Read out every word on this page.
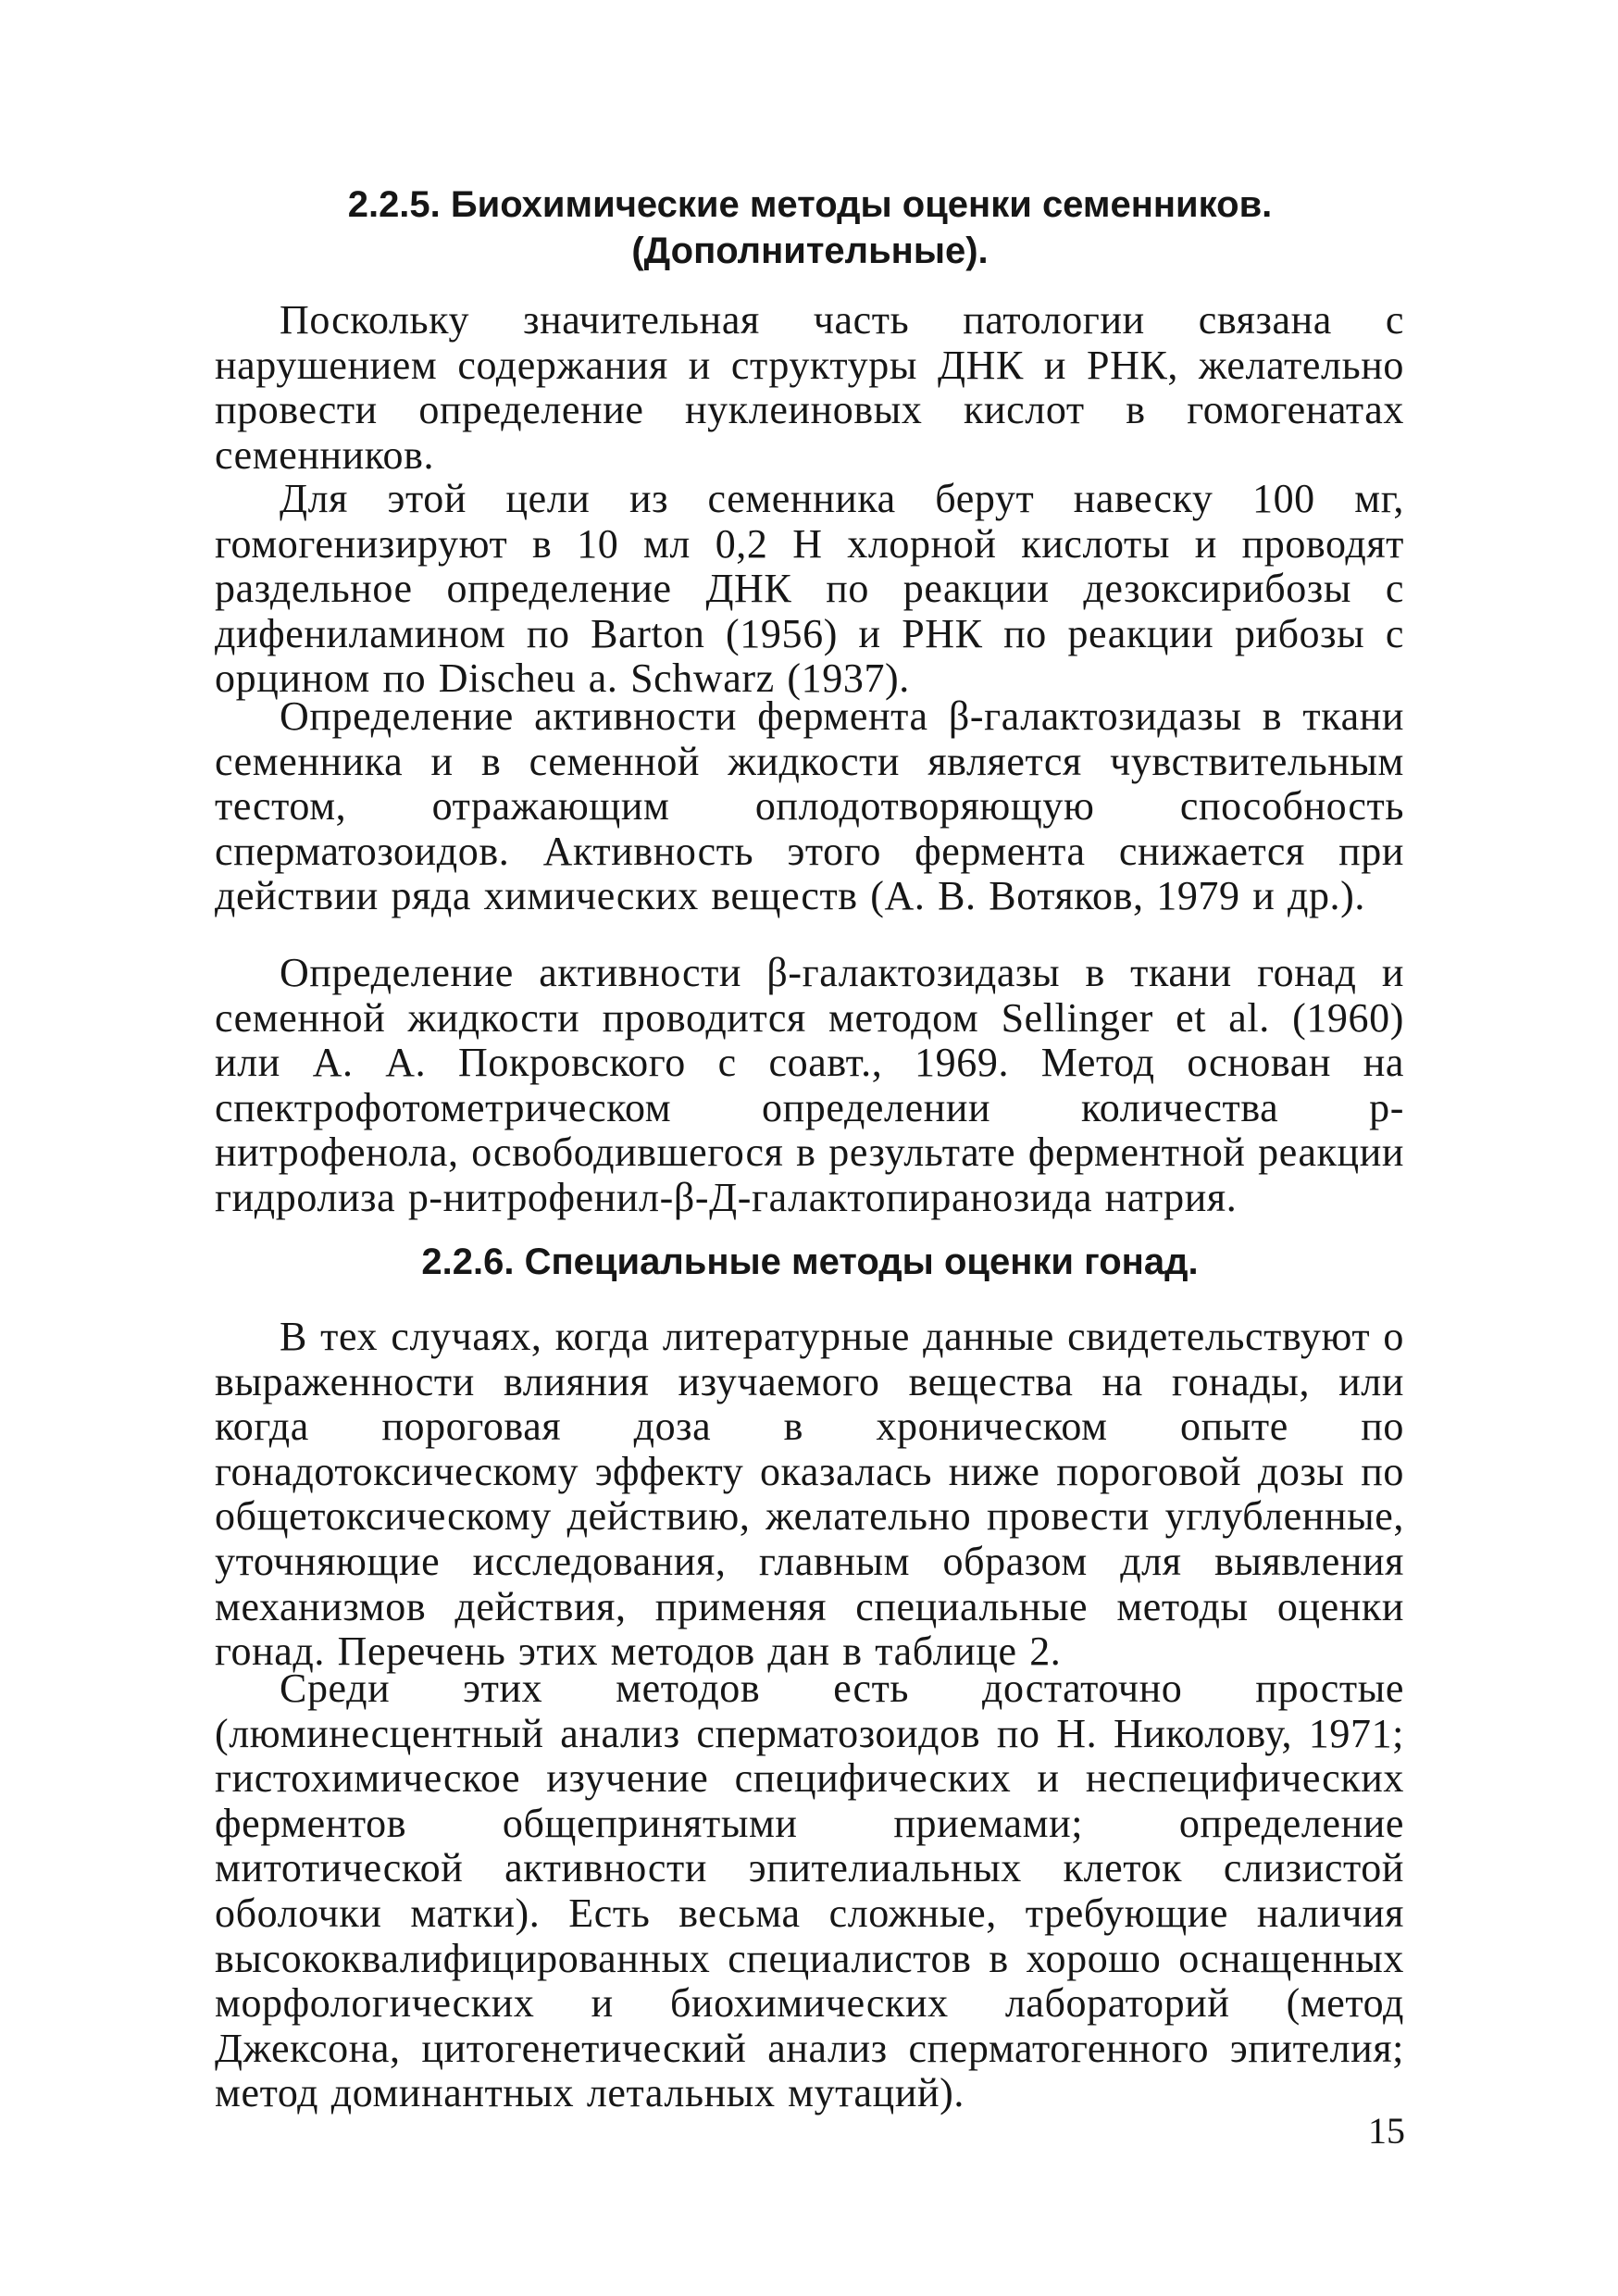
2.2.5. Биохимические методы оценки семенников.
(Дополнительные).

Поскольку значительная часть патологии связана с нарушением содержания и структуры ДНК и РНК, желательно провести определение нуклеиновых кислот в гомогенатах семенников.

Для этой цели из семенника берут навеску 100 мг, гомогенизируют в 10 мл 0,2 Н хлорной кислоты и проводят раздельное определение ДНК по реакции дезоксирибозы с дифениламином по Barton (1956) и РНК по реакции рибозы с орцином по Discheu a. Schwarz (1937).

Определение активности фермента β-галактозидазы в ткани семенника и в семенной жидкости является чувствительным тестом, отражающим оплодотворяющую способность сперматозоидов. Активность этого фермента снижается при действии ряда химических веществ (А. В. Вотяков, 1979 и др.).

Определение активности β-галактозидазы в ткани гонад и семенной жидкости проводится методом Sellinger et al. (1960) или А. А. Покровского с соавт., 1969. Метод основан на спектрофотометрическом определении количества р-нитрофенола, освободившегося в результате ферментной реакции гидролиза р-нитрофенил-β-Д-галактопиранозида натрия.

2.2.6. Специальные методы оценки гонад.

В тех случаях, когда литературные данные свидетельствуют о выраженности влияния изучаемого вещества на гонады, или когда пороговая доза в хроническом опыте по гонадотоксическому эффекту оказалась ниже пороговой дозы по общетоксическому действию, желательно провести углубленные, уточняющие исследования, главным образом для выявления механизмов действия, применяя специальные методы оценки гонад. Перечень этих методов дан в таблице 2.

Среди этих методов есть достаточно простые (люминесцентный анализ сперматозоидов по Н. Николову, 1971; гистохимическое изучение специфических и неспецифических ферментов общепринятыми приемами; определение митотической активности эпителиальных клеток слизистой оболочки матки). Есть весьма сложные, требующие наличия высококвалифицированных специалистов в хорошо оснащенных морфологических и биохимических лабораторий (метод Джексона, цитогенетический анализ сперматогенного эпителия; метод доминантных летальных мутаций).

15
